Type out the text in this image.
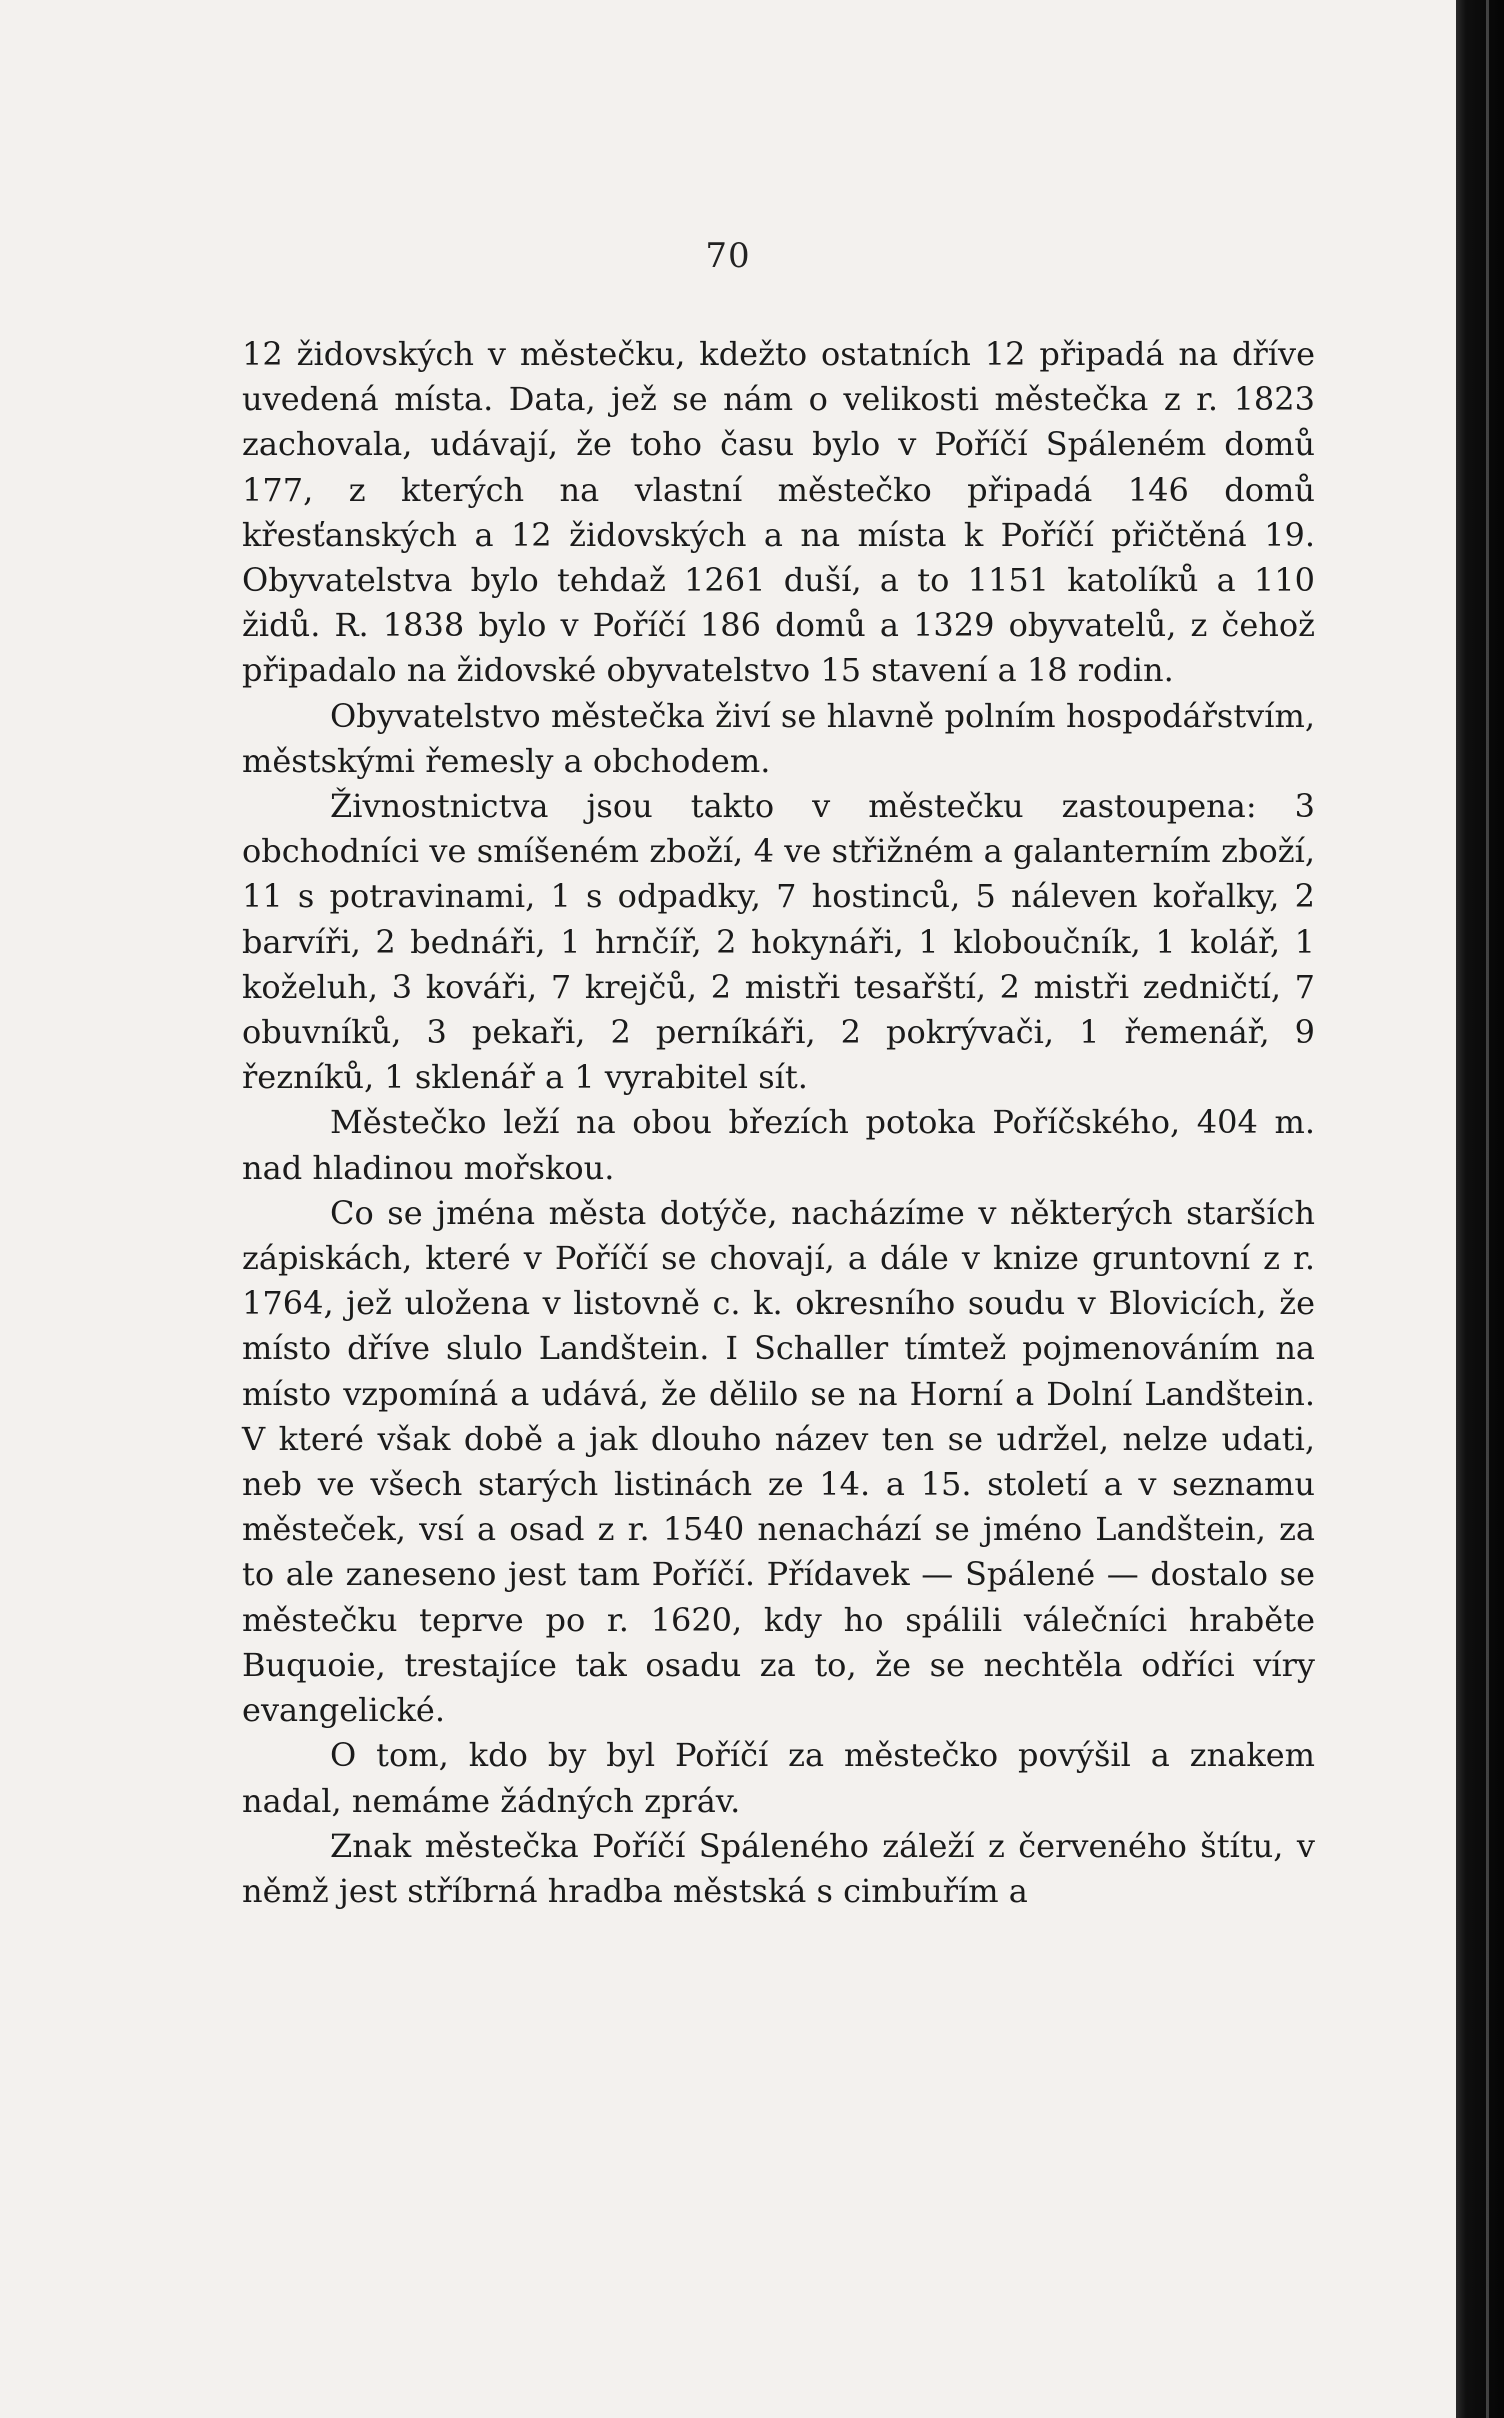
70

12 židovských v městečku, kdežto ostatních 12 připadá na dříve uvedená místa. Data, jež se nám o velikosti městečka z r. 1823 zachovala, udávají, že toho času bylo v Poříčí Spáleném domů 177, z kterých na vlastní městečko připadá 146 domů křesťanských a 12 židovských a na místa k Poříčí přičtěná 19. Obyvatelstva bylo tehdaž 1261 duší, a to 1151 katolíků a 110 židů. R. 1838 bylo v Poříčí 186 domů a 1329 obyvatelů, z čehož připadalo na židovské obyvatelstvo 15 stavení a 18 rodin.

Obyvatelstvo městečka živí se hlavně polním hospodářstvím, městskými řemesly a obchodem.

Živnostnictva jsou takto v městečku zastoupena: 3 obchodníci ve smíšeném zboží, 4 ve střižném a galanterním zboží, 11 s potravinami, 1 s odpadky, 7 hostinců, 5 náleven kořalky, 2 barvíři, 2 bednáři, 1 hrnčíř, 2 hokynáři, 1 kloboučník, 1 kolář, 1 koželuh, 3 kováři, 7 krejčů, 2 mistři tesařští, 2 mistři zedničtí, 7 obuvníků, 3 pekaři, 2 perníkáři, 2 pokrývači, 1 řemenář, 9 řezníků, 1 sklenář a 1 vyrabitel sít.

Městečko leží na obou březích potoka Poříčského, 404 m. nad hladinou mořskou.

Co se jména města dotýče, nacházíme v některých starších zápiskách, které v Poříčí se chovají, a dále v knize gruntovní z r. 1764, jež uložena v listovně c. k. okresního soudu v Blovicích, že místo dříve slulo Landštein. I Schaller tímtež pojmenováním na místo vzpomíná a udává, že dělilo se na Horní a Dolní Landštein. V které však době a jak dlouho název ten se udržel, nelze udati, neb ve všech starých listinách ze 14. a 15. století a v seznamu městeček, vsí a osad z r. 1540 nenachází se jméno Landštein, za to ale zaneseno jest tam Poříčí. Přídavek — Spálené — dostalo se městečku teprve po r. 1620, kdy ho spálili válečníci hraběte Buquoie, trestajíce tak osadu za to, že se nechtěla odříci víry evangelické.

O tom, kdo by byl Poříčí za městečko povýšil a znakem nadal, nemáme žádných zpráv.

Znak městečka Poříčí Spáleného záleží z červeného štítu, v němž jest stříbrná hradba městská s cimbuřím a
